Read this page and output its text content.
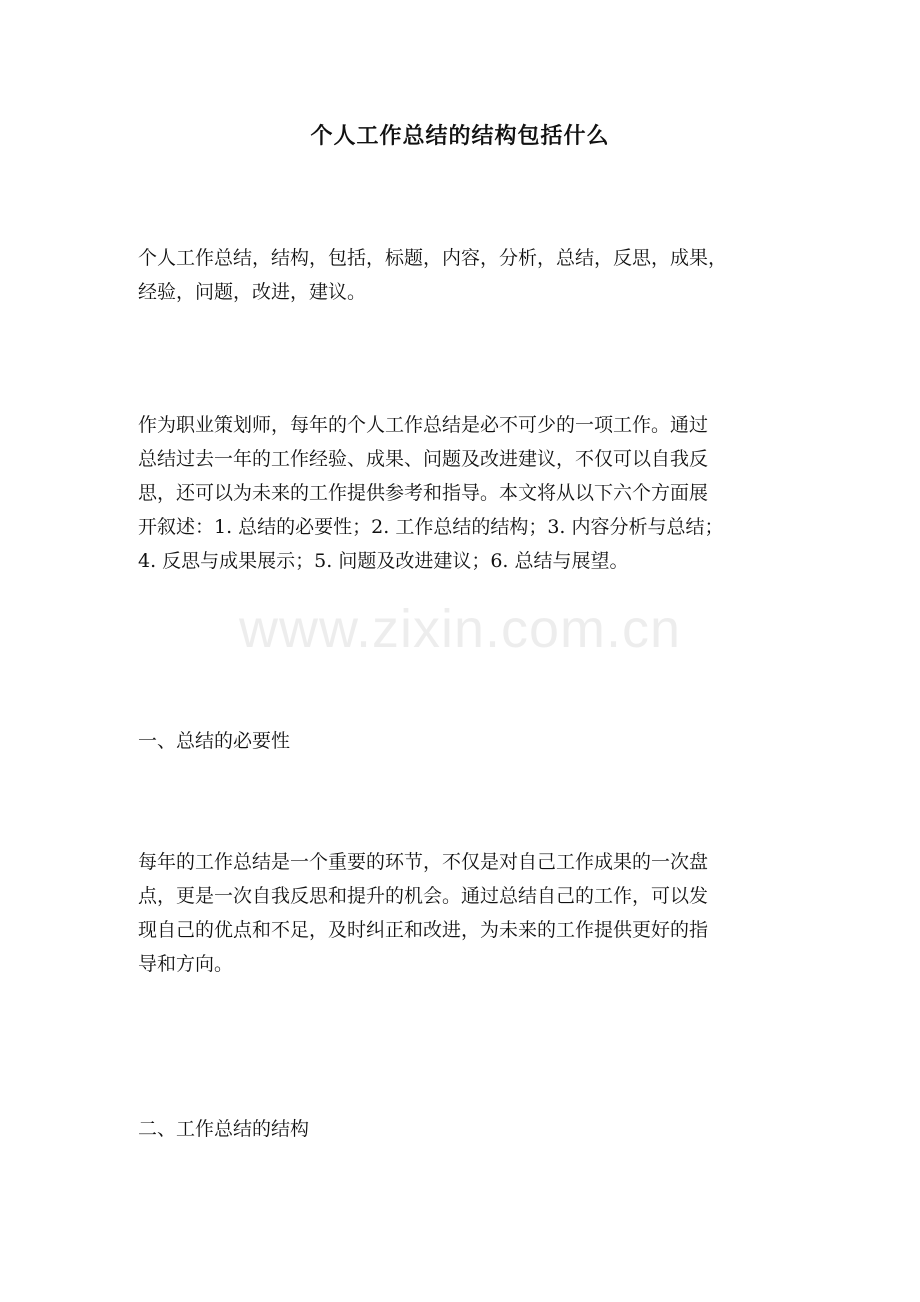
个人工作总结的结构包括什么
个人工作总结，结构，包括，标题，内容，分析，总结，反思，成果，
经验，问题，改进，建议。
作为职业策划师，每年的个人工作总结是必不可少的一项工作。通过
总结过去一年的工作经验、成果、问题及改进建议，不仅可以自我反
思，还可以为未来的工作提供参考和指导。本文将从以下六个方面展
开叙述：1. 总结的必要性；2. 工作总结的结构；3. 内容分析与总结；
4. 反思与成果展示；5. 问题及改进建议；6. 总结与展望。
一、总结的必要性
每年的工作总结是一个重要的环节，不仅是对自己工作成果的一次盘
点，更是一次自我反思和提升的机会。通过总结自己的工作，可以发
现自己的优点和不足，及时纠正和改进，为未来的工作提供更好的指
导和方向。
二、工作总结的结构
www.zixin.com.cn
